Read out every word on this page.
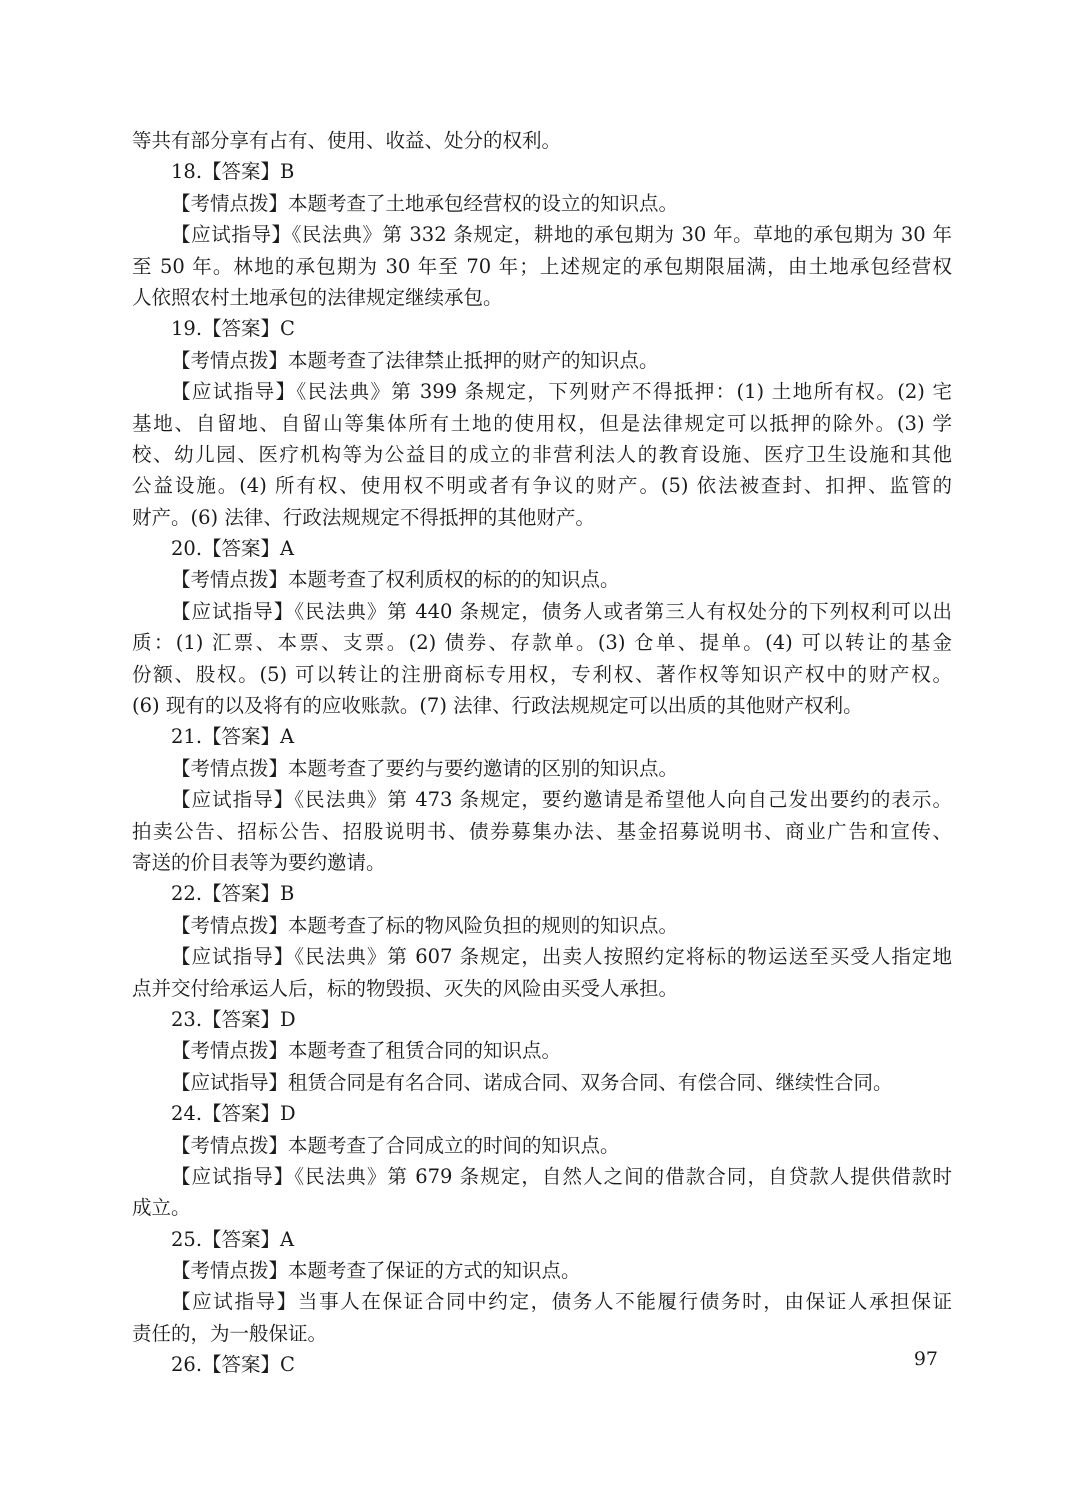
等共有部分享有占有、使用、收益、处分的权利。
18.【答案】B
【考情点拨】本题考查了土地承包经营权的设立的知识点。
【应试指导】《民法典》第 332 条规定，耕地的承包期为 30 年。草地的承包期为 30 年
至 50 年。林地的承包期为 30 年至 70 年；上述规定的承包期限届满，由土地承包经营权
人依照农村土地承包的法律规定继续承包。
19.【答案】C
【考情点拨】本题考查了法律禁止抵押的财产的知识点。
【应试指导】《民法典》第 399 条规定，下列财产不得抵押：(1) 土地所有权。(2) 宅
基地、自留地、自留山等集体所有土地的使用权，但是法律规定可以抵押的除外。(3) 学
校、幼儿园、医疗机构等为公益目的成立的非营利法人的教育设施、医疗卫生设施和其他
公益设施。(4) 所有权、使用权不明或者有争议的财产。(5) 依法被查封、扣押、监管的
财产。(6) 法律、行政法规规定不得抵押的其他财产。
20.【答案】A
【考情点拨】本题考查了权利质权的标的的知识点。
【应试指导】《民法典》第 440 条规定，债务人或者第三人有权处分的下列权利可以出
质：(1) 汇票、本票、支票。(2) 债券、存款单。(3) 仓单、提单。(4) 可以转让的基金
份额、股权。(5) 可以转让的注册商标专用权，专利权、著作权等知识产权中的财产权。
(6) 现有的以及将有的应收账款。(7) 法律、行政法规规定可以出质的其他财产权利。
21.【答案】A
【考情点拨】本题考查了要约与要约邀请的区别的知识点。
【应试指导】《民法典》第 473 条规定，要约邀请是希望他人向自己发出要约的表示。
拍卖公告、招标公告、招股说明书、债券募集办法、基金招募说明书、商业广告和宣传、
寄送的价目表等为要约邀请。
22.【答案】B
【考情点拨】本题考查了标的物风险负担的规则的知识点。
【应试指导】《民法典》第 607 条规定，出卖人按照约定将标的物运送至买受人指定地
点并交付给承运人后，标的物毁损、灭失的风险由买受人承担。
23.【答案】D
【考情点拨】本题考查了租赁合同的知识点。
【应试指导】租赁合同是有名合同、诺成合同、双务合同、有偿合同、继续性合同。
24.【答案】D
【考情点拨】本题考查了合同成立的时间的知识点。
【应试指导】《民法典》第 679 条规定，自然人之间的借款合同，自贷款人提供借款时
成立。
25.【答案】A
【考情点拨】本题考查了保证的方式的知识点。
【应试指导】当事人在保证合同中约定，债务人不能履行债务时，由保证人承担保证
责任的，为一般保证。
26.【答案】C	97
